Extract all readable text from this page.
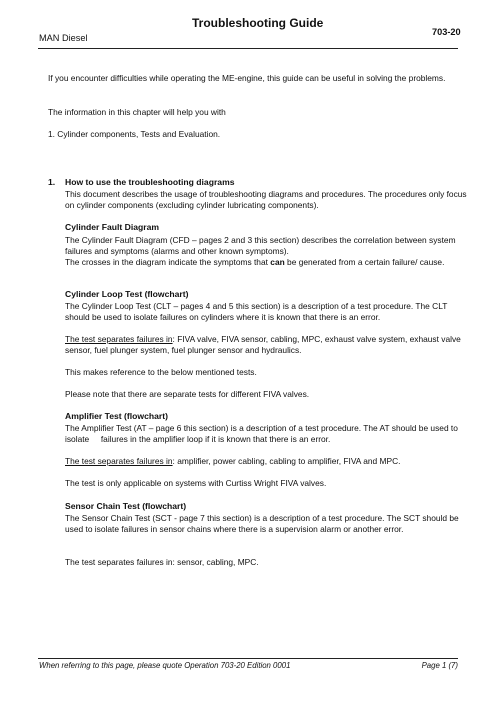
Troubleshooting Guide
MAN Diesel
703-20
If you encounter difficulties while operating the ME-engine, this guide can be useful in solving the problems.
The information in this chapter will help you with
1. Cylinder components, Tests and Evaluation.
1. How to use the troubleshooting diagrams
This document describes the usage of troubleshooting diagrams and procedures. The procedures only focus on cylinder components (excluding cylinder lubricating components).
Cylinder Fault Diagram
The Cylinder Fault Diagram (CFD – pages 2 and 3 this section) describes the correlation between system failures and symptoms (alarms and other known symptoms).
The crosses in the diagram indicate the symptoms that can be generated from a certain failure/ cause.
Cylinder Loop Test (flowchart)
The Cylinder Loop Test (CLT – pages 4 and 5 this section) is a description of a test procedure. The CLT should be used to isolate failures on cylinders where it is known that there is an error.
The test separates failures in: FIVA valve, FIVA sensor, cabling, MPC, exhaust valve system, exhaust valve sensor, fuel plunger system, fuel plunger sensor and hydraulics.
This makes reference to the below mentioned tests.
Please note that there are separate tests for different FIVA valves.
Amplifier Test (flowchart)
The Amplifier Test (AT – page 6 this section) is a description of a test procedure. The AT should be used to isolate     failures in the amplifier loop if it is known that there is an error.
The test separates failures in: amplifier, power cabling, cabling to amplifier, FIVA and MPC.
The test is only applicable on systems with Curtiss Wright FIVA valves.
Sensor Chain Test (flowchart)
The Sensor Chain Test (SCT - page 7 this section) is a description of a test procedure. The SCT should be used to isolate failures in sensor chains where there is a supervision alarm or another error.
The test separates failures in: sensor, cabling, MPC.
When referring to this page, please quote Operation 703-20 Edition 0001	Page 1 (7)
